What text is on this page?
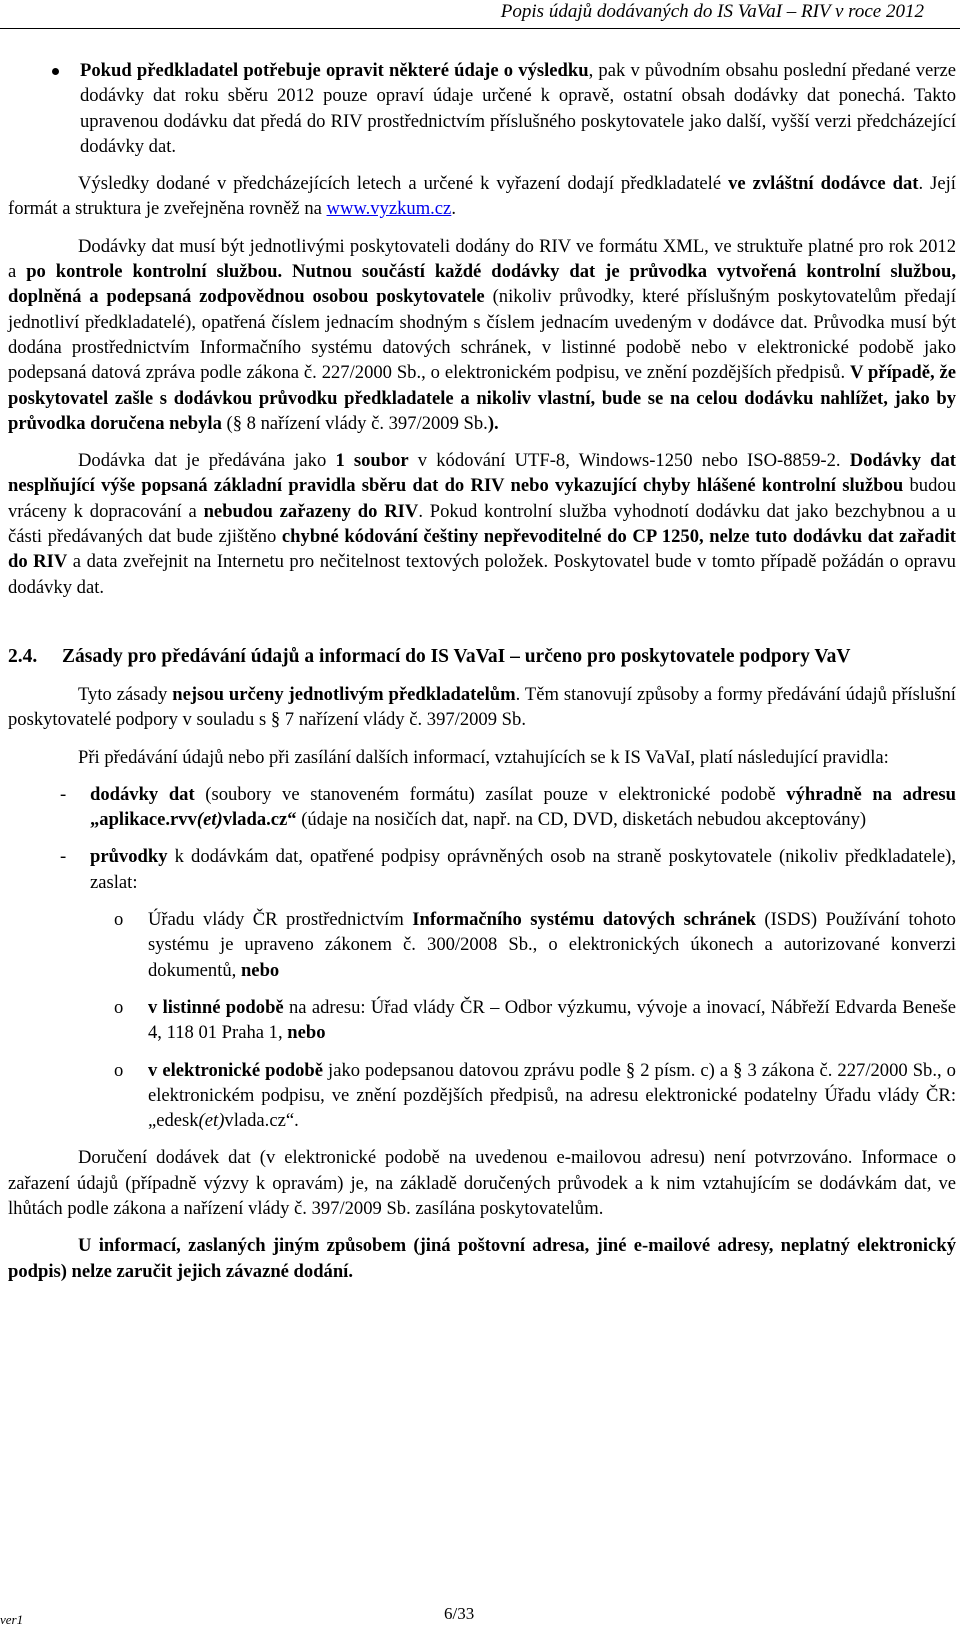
Popis údajů dodávaných do IS VaVaI – RIV v roce 2012

Pokud předkladatel potřebuje opravit některé údaje o výsledku, pak v původním obsahu poslední předané verze dodávky dat roku sběru 2012 pouze opraví údaje určené k opravě, ostatní obsah dodávky dat ponechá. Takto upravenou dodávku dat předá do RIV prostřednictvím příslušného poskytovatele jako další, vyšší verzi předcházející dodávky dat.

Výsledky dodané v předcházejících letech a určené k vyřazení dodají předkladatelé ve zvláštní dodávce dat. Její formát a struktura je zveřejněna rovněž na www.vyzkum.cz.

Dodávky dat musí být jednotlivými poskytovateli dodány do RIV ve formátu XML, ve struktuře platné pro rok 2012 a po kontrole kontrolní službou. Nutnou součástí každé dodávky dat je průvodka vytvořená kontrolní službou, doplněná a podepsaná zodpovědnou osobou poskytovatele (nikoliv průvodky, které příslušným poskytovatelům předají jednotliví předkladatelé), opatřená číslem jednacím shodným s číslem jednacím uvedeným v dodávce dat. Průvodka musí být dodána prostřednictvím Informačního systému datových schránek, v listinné podobě nebo v elektronické podobě jako podepsaná datová zpráva podle zákona č. 227/2000 Sb., o elektronickém podpisu, ve znění pozdějších předpisů. V případě, že poskytovatel zašle s dodávkou průvodku předkladatele a nikoliv vlastní, bude se na celou dodávku nahlížet, jako by průvodka doručena nebyla (§ 8 nařízení vlády č. 397/2009 Sb.).

Dodávka dat je předávána jako 1 soubor v kódování UTF-8, Windows-1250 nebo ISO-8859-2. Dodávky dat nesplňující výše popsaná základní pravidla sběru dat do RIV nebo vykazující chyby hlášené kontrolní službou budou vráceny k dopracování a nebudou zařazeny do RIV. Pokud kontrolní služba vyhodnotí dodávku dat jako bezchybnou a u části předávaných dat bude zjištěno chybné kódování češtiny nepřevoditelné do CP 1250, nelze tuto dodávku dat zařadit do RIV a data zveřejnit na Internetu pro nečitelnost textových položek. Poskytovatel bude v tomto případě požádán o opravu dodávky dat.

2.4. Zásady pro předávání údajů a informací do IS VaVaI – určeno pro poskytovatele podpory VaV

Tyto zásady nejsou určeny jednotlivým předkladatelům. Těm stanovují způsoby a formy předávání údajů příslušní poskytovatelé podpory v souladu s § 7 nařízení vlády č. 397/2009 Sb.

Při předávání údajů nebo při zasílání dalších informací, vztahujících se k IS VaVaI, platí následující pravidla:

- dodávky dat (soubory ve stanoveném formátu) zasílat pouze v elektronické podobě výhradně na adresu „aplikace.rvv(et)vlada.cz“ (údaje na nosičích dat, např. na CD, DVD, disketách nebudou akceptovány)

- průvodky k dodávkám dat, opatřené podpisy oprávněných osob na straně poskytovatele (nikoliv předkladatele), zaslat:

o Úřadu vlády ČR prostřednictvím Informačního systému datových schránek (ISDS) Používání tohoto systému je upraveno zákonem č. 300/2008 Sb., o elektronických úkonech a autorizované konverzi dokumentů, nebo

o v listinné podobě na adresu: Úřad vlády ČR – Odbor výzkumu, vývoje a inovací, Nábřeží Edvarda Beneše 4, 118 01 Praha 1, nebo

o v elektronické podobě jako podepsanou datovou zprávu podle § 2 písm. c) a § 3 zákona č. 227/2000 Sb., o elektronickém podpisu, ve znění pozdějších předpisů, na adresu elektronické podatelny Úřadu vlády ČR: „edesk(et)vlada.cz“.

Doručení dodávek dat (v elektronické podobě na uvedenou e-mailovou adresu) není potvrzováno. Informace o zařazení údajů (případně výzvy k opravám) je, na základě doručených průvodek a k nim vztahujícím se dodávkám dat, ve lhůtách podle zákona a nařízení vlády č. 397/2009 Sb. zasílána poskytovatelům.

U informací, zaslaných jiným způsobem (jiná poštovní adresa, jiné e-mailové adresy, neplatný elektronický podpis) nelze zaručit jejich závazné dodání.

ver1	6/33
